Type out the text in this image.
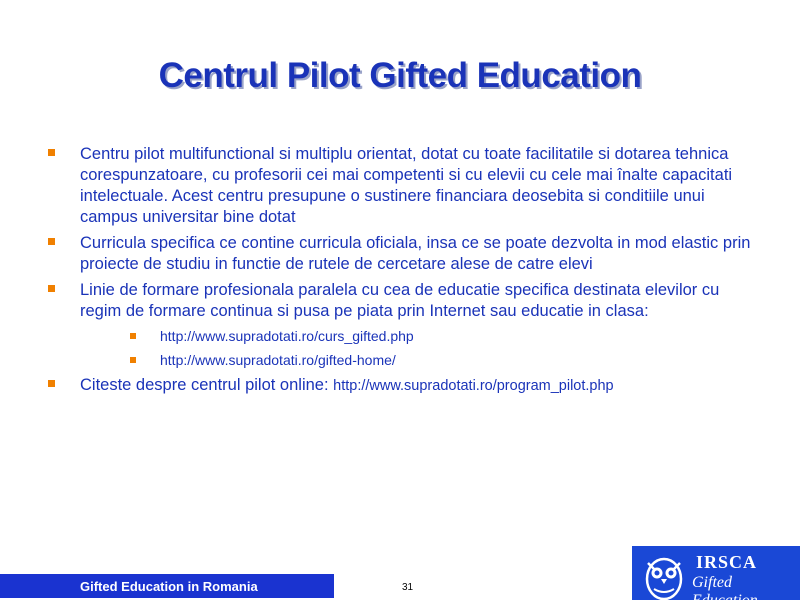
Centrul Pilot Gifted Education
Centru pilot multifunctional si multiplu orientat, dotat cu toate facilitatile si dotarea tehnica corespunzatoare, cu profesorii cei mai competenti si cu elevii cu cele mai înalte capacitati intelectuale. Acest centru presupune o sustinere financiara deosebita si conditiile unui campus universitar bine dotat
Curricula specifica ce contine curricula oficiala, insa ce se poate dezvolta in mod elastic prin proiecte de studiu in functie de rutele de cercetare alese de catre elevi
Linie de formare profesionala paralela cu cea de educatie specifica destinata elevilor cu regim de formare continua si pusa pe piata prin Internet sau educatie in clasa:
http://www.supradotati.ro/curs_gifted.php
http://www.supradotati.ro/gifted-home/
Citeste despre centrul pilot online: http://www.supradotati.ro/program_pilot.php
Gifted Education in Romania	31
IRSCA
Gifted Education
